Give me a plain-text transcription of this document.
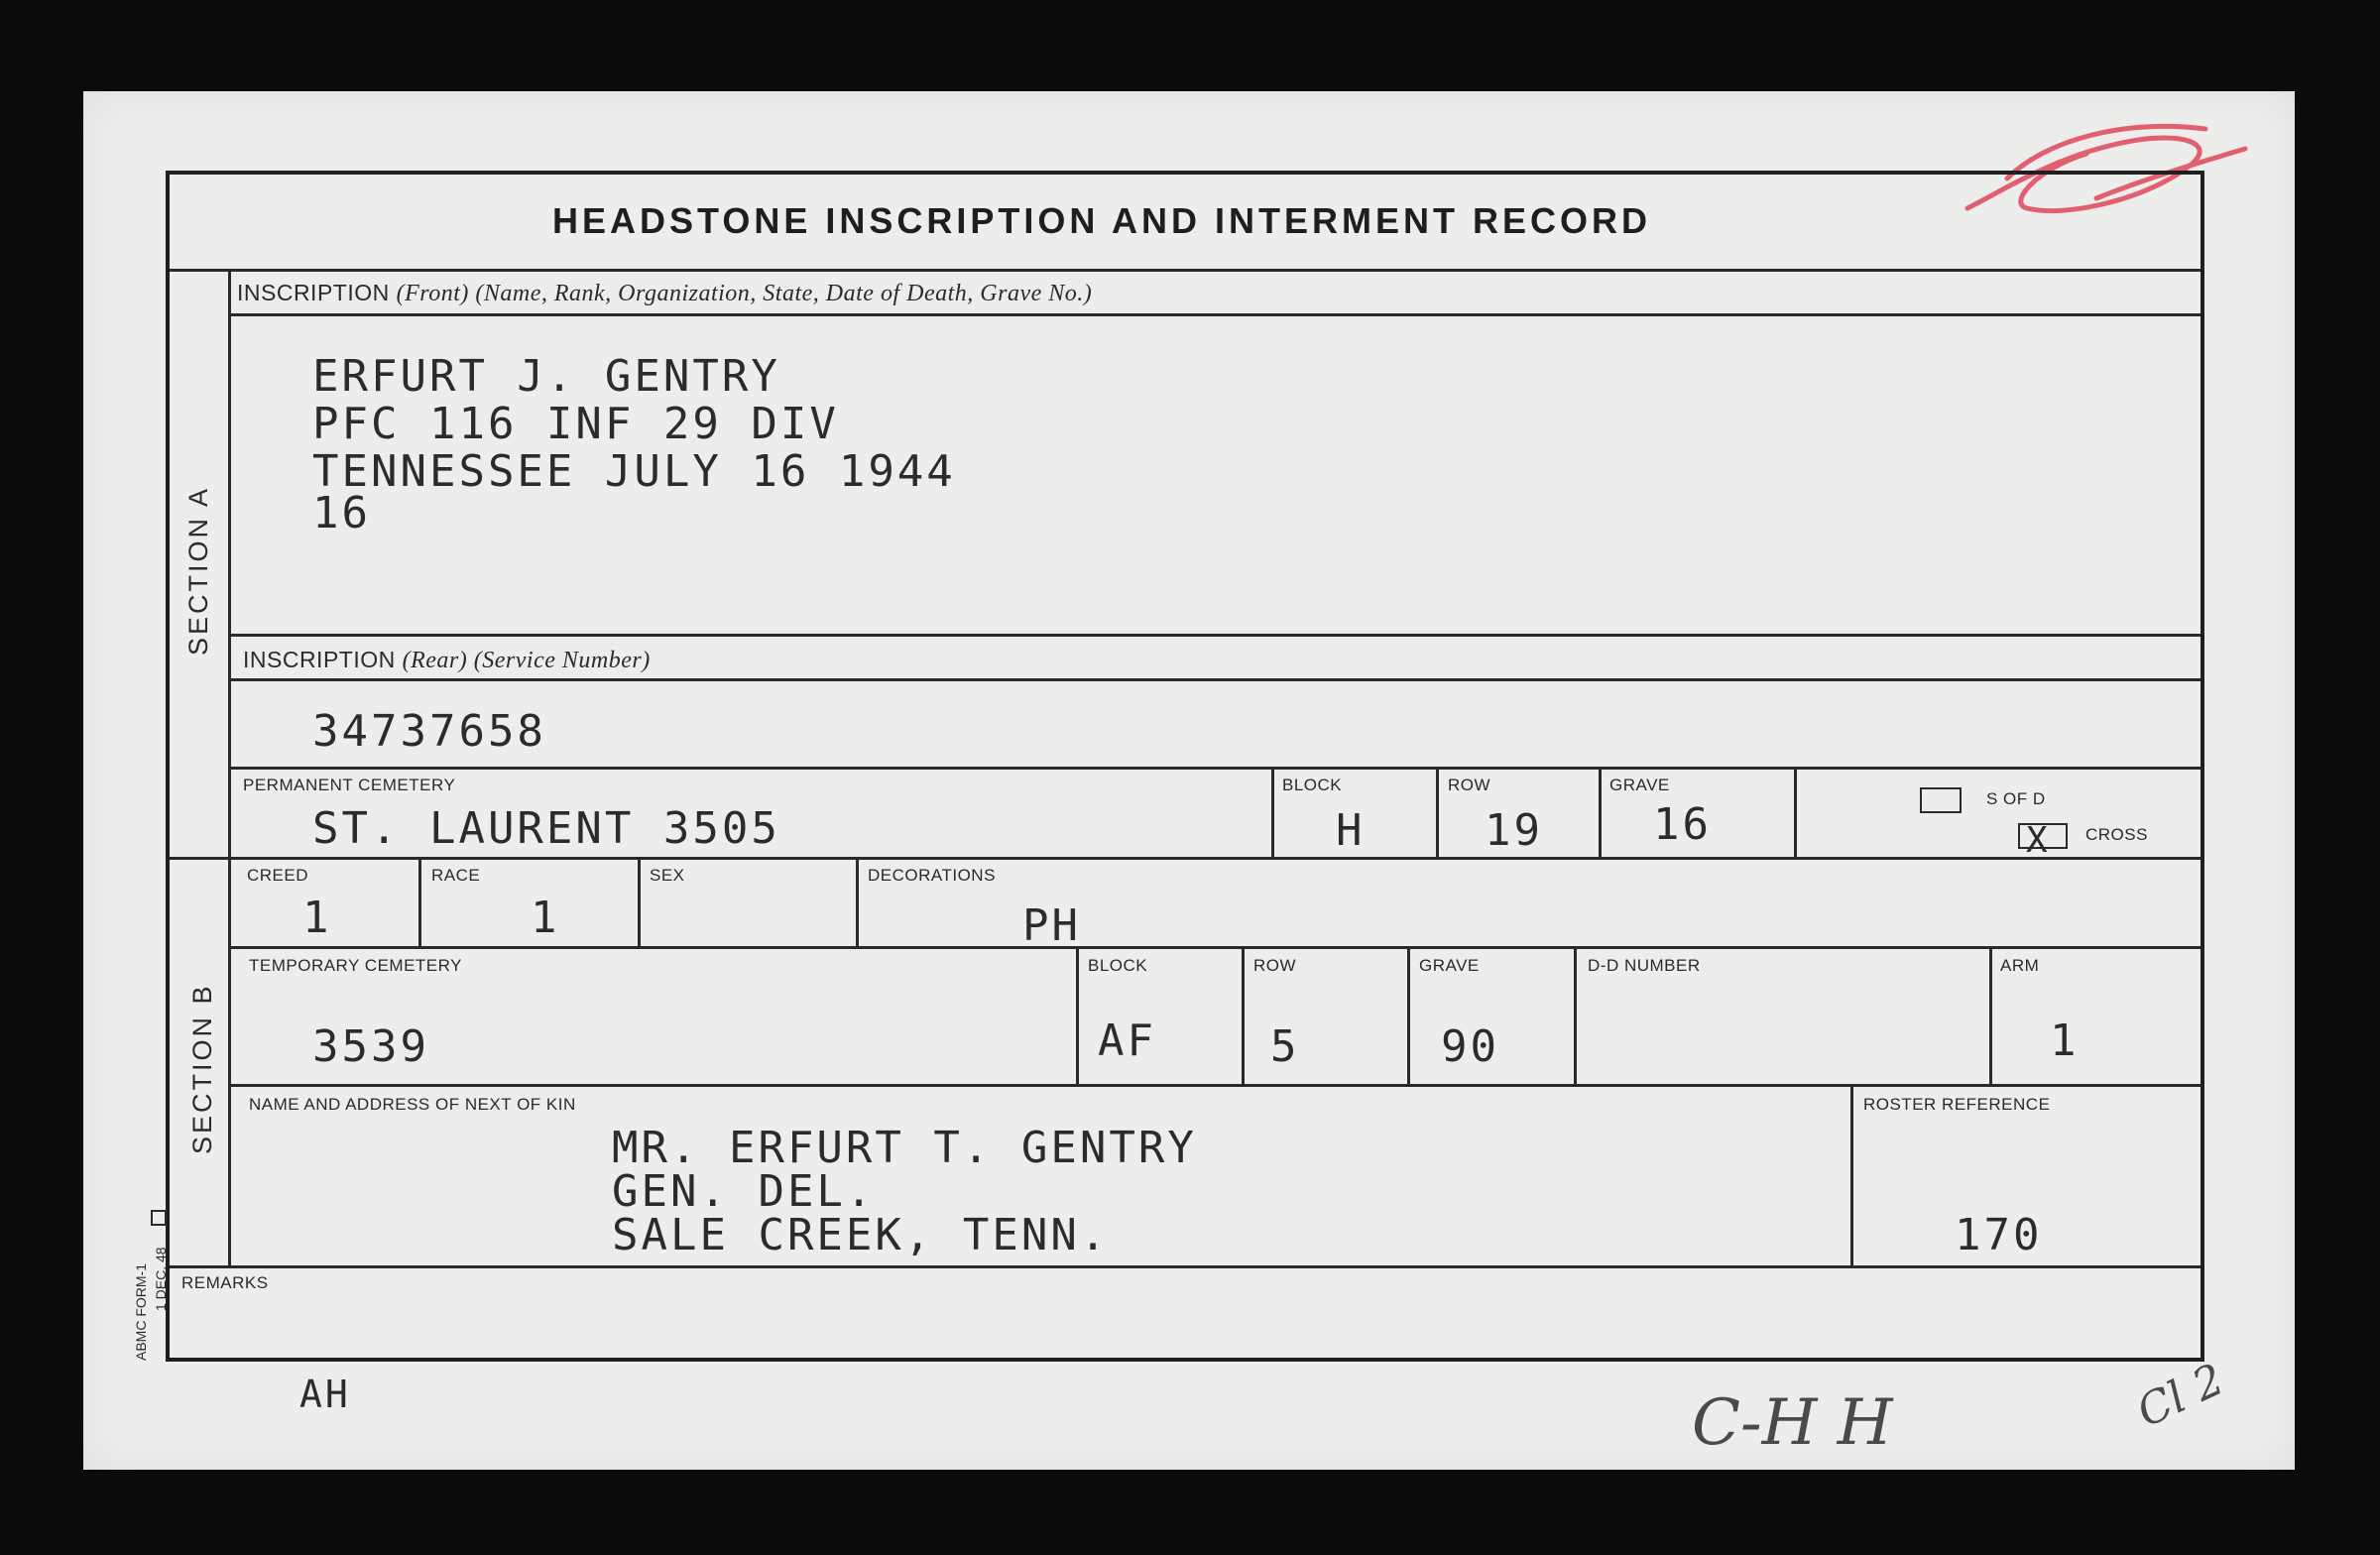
HEADSTONE INSCRIPTION AND INTERMENT RECORD
SECTION A
SECTION B
INSCRIPTION (Front) (Name, Rank, Organization, State, Date of Death, Grave No.)
ERFURT J. GENTRY
PFC 116 INF 29 DIV
TENNESSEE JULY 16 1944
16
INSCRIPTION (Rear) (Service Number)
34737658
PERMANENT CEMETERY
ST. LAURENT 3505
BLOCK
H
ROW
19
GRAVE
16
S OF D
X CROSS
CREED
1
RACE
1
SEX	DECORATIONS
PH
TEMPORARY CEMETERY
3539
BLOCK
AF
ROW
5
GRAVE
90
D-D NUMBER	ARM
1
NAME AND ADDRESS OF NEXT OF KIN
MR. ERFURT T. GENTRY
GEN. DEL.
SALE CREEK, TENN.
ROSTER REFERENCE
170
REMARKS
ABMC FORM-1 1 DEC. 48
AH	C-H H	Cl 2
